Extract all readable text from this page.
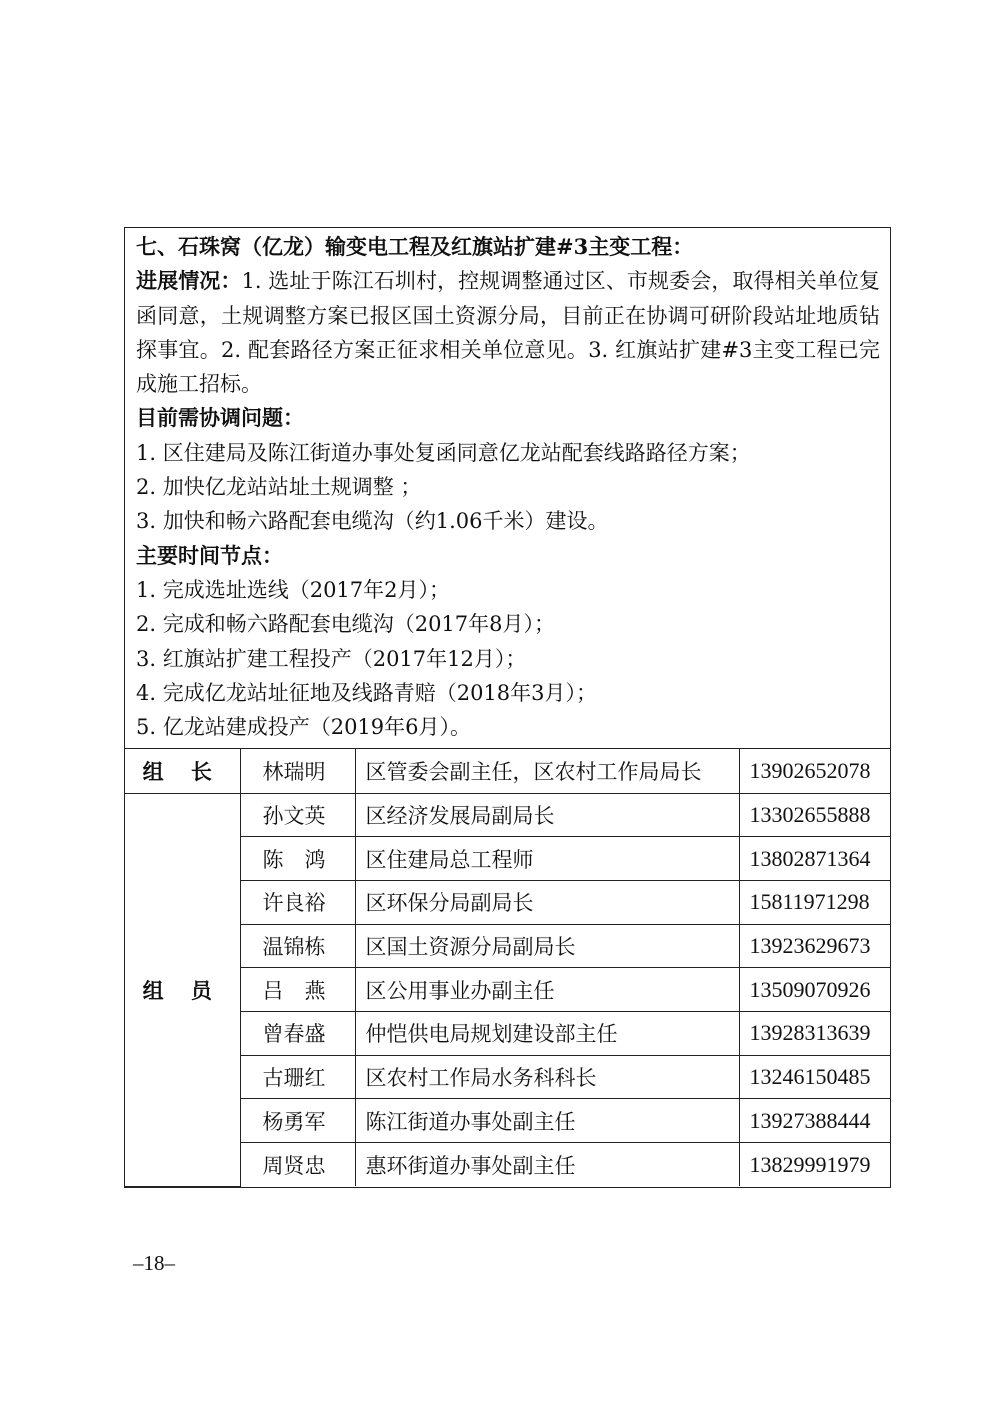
七、石珠窝（亿龙）输变电工程及红旗站扩建#3主变工程：

进展情况：1. 选址于陈江石圳村，控规调整通过区、市规委会，取得相关单位复函同意，土规调整方案已报区国土资源分局，目前正在协调可研阶段站址地质钻探事宜。2. 配套路径方案正征求相关单位意见。3. 红旗站扩建#3主变工程已完成施工招标。

目前需协调问题：

1. 区住建局及陈江街道办事处复函同意亿龙站配套线路路径方案；

2. 加快亿龙站站址土规调整 ；

3. 加快和畅六路配套电缆沟（约1.06千米）建设。

主要时间节点：

1. 完成选址选线（2017年2月）；

2. 完成和畅六路配套电缆沟（2017年8月）；

3. 红旗站扩建工程投产（2017年12月）；

4. 完成亿龙站址征地及线路青赔（2018年3月）；

5. 亿龙站建成投产（2019年6月）。

组 长	林瑞明	区管委会副主任，区农村工作局局长	13902652078
组 员	孙文英	区经济发展局副局长	13302655888
	陈　鸿	区住建局总工程师	13802871364
	许良裕	区环保分局副局长	15811971298
	温锦栋	区国土资源分局副局长	13923629673
	吕　燕	区公用事业办副主任	13509070926
	曾春盛	仲恺供电局规划建设部主任	13928313639
	古珊红	区农村工作局水务科科长	13246150485
	杨勇军	陈江街道办事处副主任	13927388444
	周贤忠	惠环街道办事处副主任	13829991979
–18–
